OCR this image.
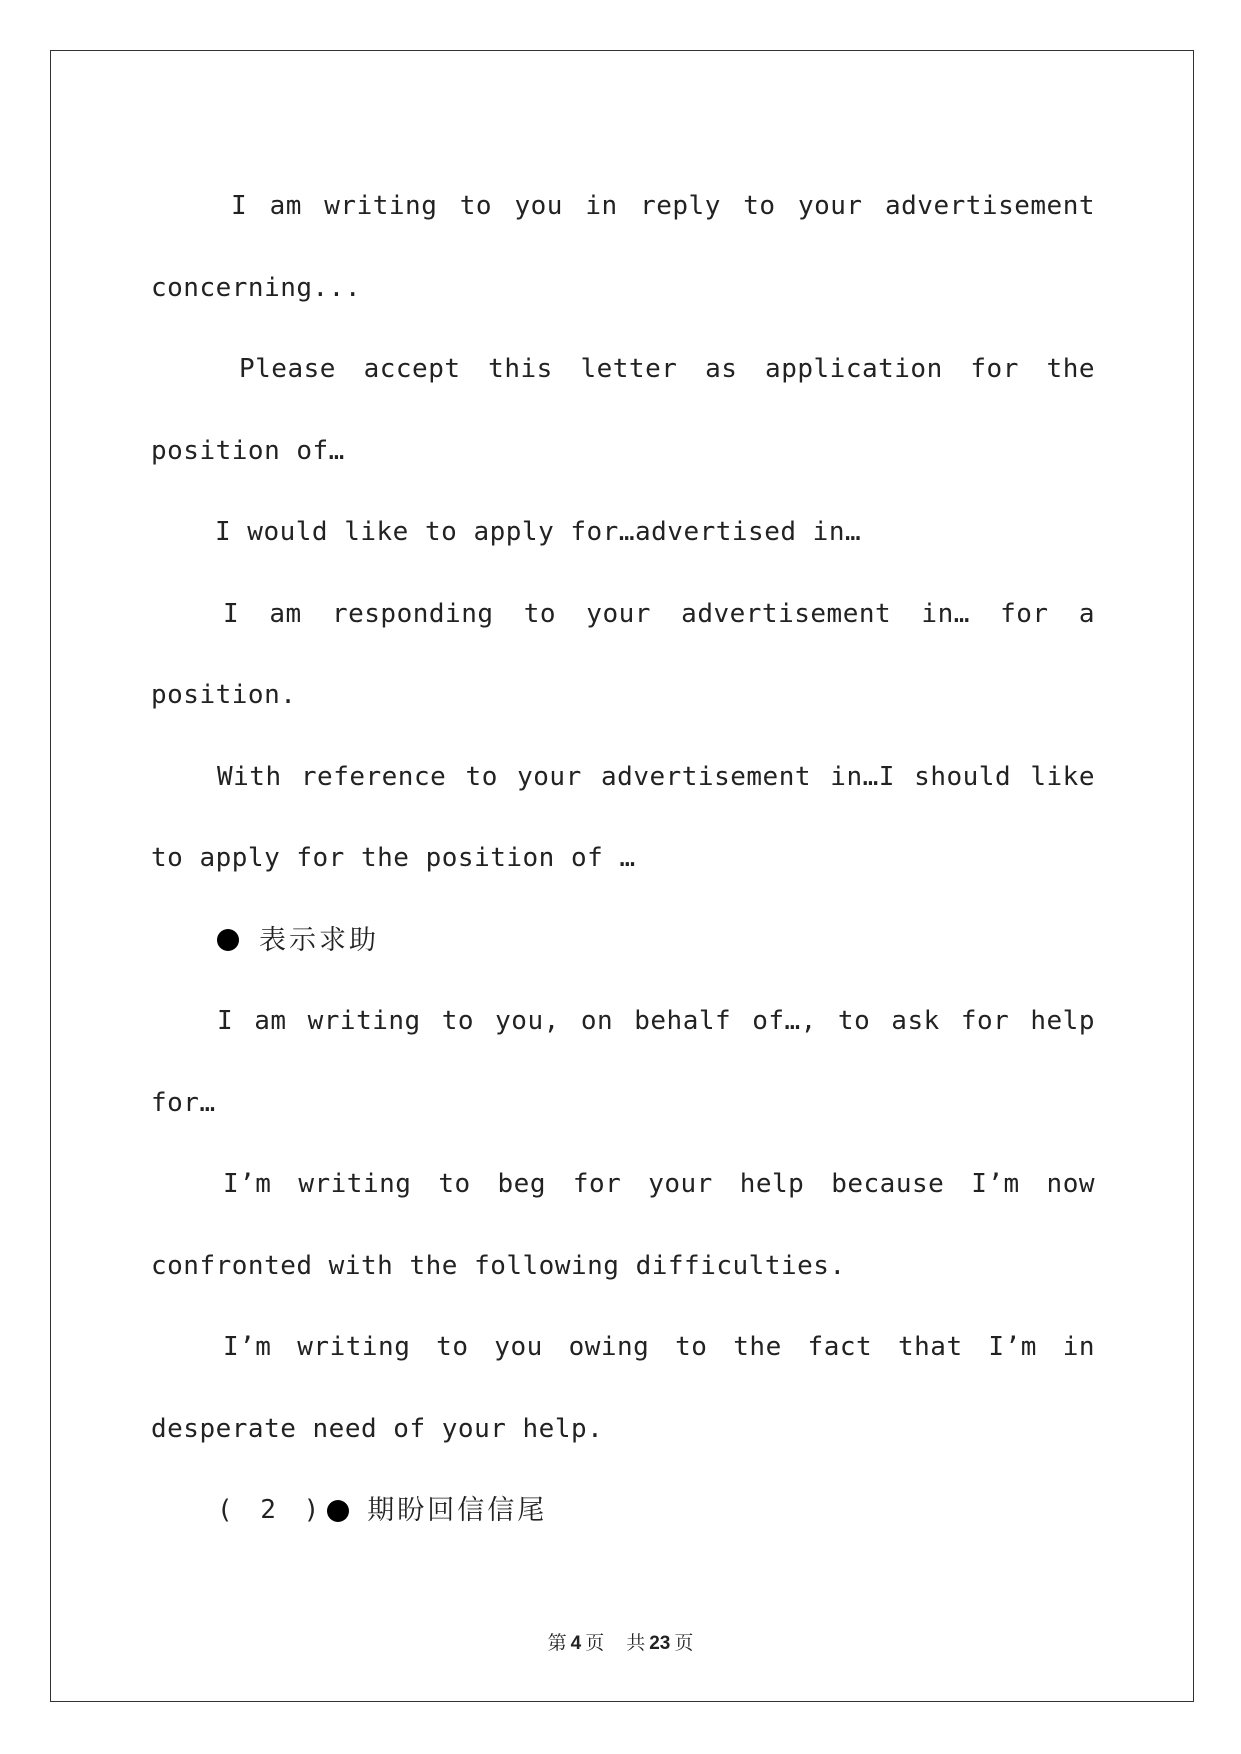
I am writing to you in reply to your advertisement concerning...

Please accept this letter as application for the position of…

I would like to apply for…advertised in…

I am responding to your advertisement in… for a position.

With reference to your advertisement in…I should like to apply for the position of …

表示求助

I am writing to you, on behalf of…, to ask for help for…

I’m writing to beg for your help because I’m now confronted with the following difficulties.

I’m writing to you owing to the fact that I’m in desperate need of your help.

( 2 ) 期盼回信信尾
第 4 页 共 23 页
